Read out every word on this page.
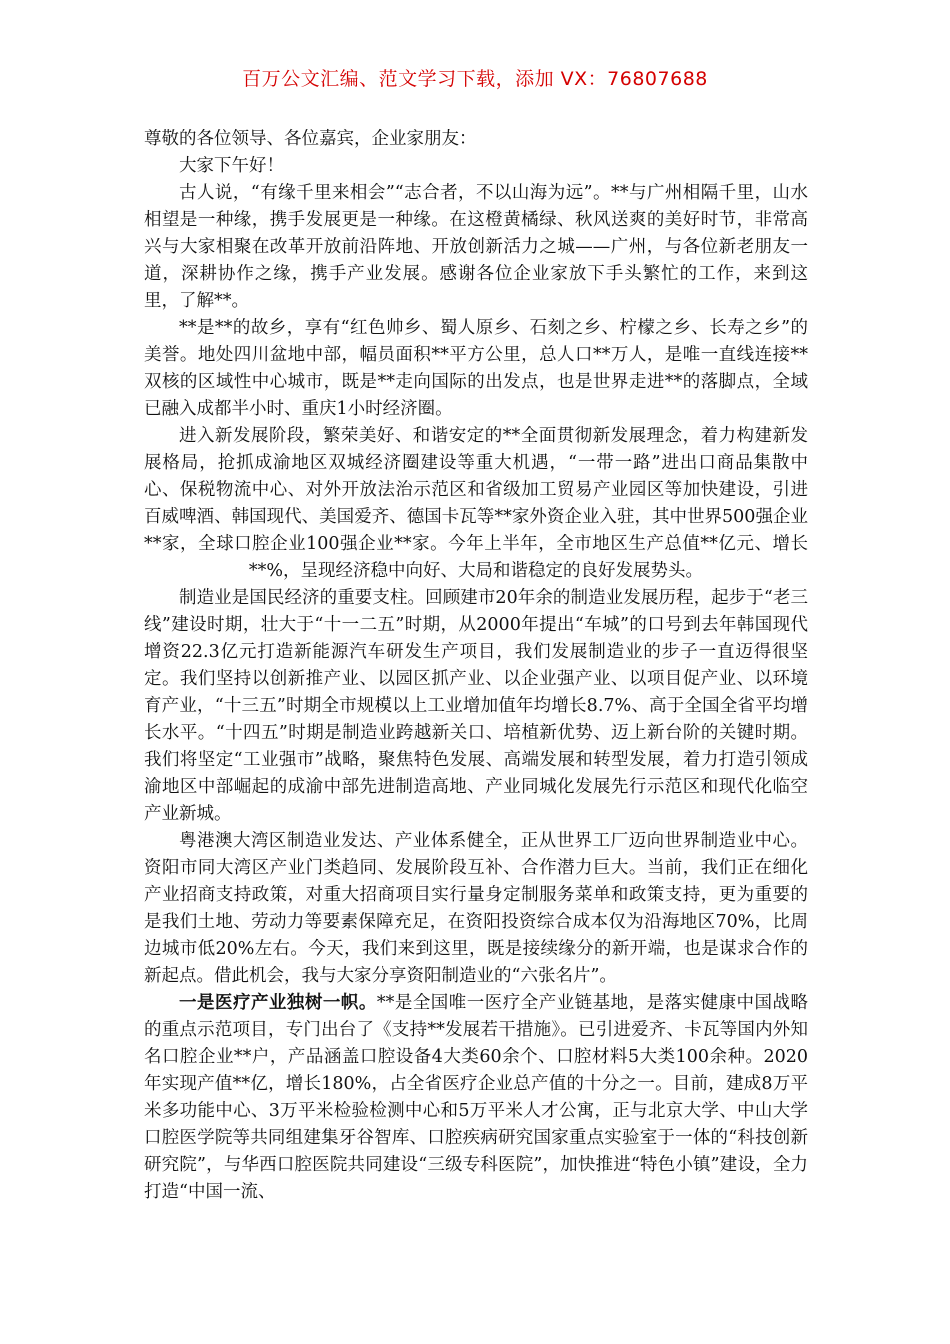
百万公文汇编、范文学习下载，添加 VX：76807688

尊敬的各位领导、各位嘉宾，企业家朋友：

大家下午好！

古人说，“有缘千里来相会”“志合者，不以山海为远”。**与广州相隔千里，山水相望是一种缘，携手发展更是一种缘。在这橙黄橘绿、秋风送爽的美好时节，非常高兴与大家相聚在改革开放前沿阵地、开放创新活力之城——广州，与各位新老朋友一道，深耕协作之缘，携手产业发展。感谢各位企业家放下手头繁忙的工作，来到这里，了解**。

**是**的故乡，享有“红色帅乡、蜀人原乡、石刻之乡、柠檬之乡、长寿之乡”的美誉。地处四川盆地中部，幅员面积**平方公里，总人口**万人，是唯一直线连接**双核的区域性中心城市，既是**走向国际的出发点，也是世界走进**的落脚点，全域已融入成都半小时、重庆1小时经济圈。

进入新发展阶段，繁荣美好、和谐安定的**全面贯彻新发展理念，着力构建新发展格局，抢抓成渝地区双城经济圈建设等重大机遇，“一带一路”进出口商品集散中心、保税物流中心、对外开放法治示范区和省级加工贸易产业园区等加快建设，引进百威啤酒、韩国现代、美国爱齐、德国卡瓦等**家外资企业入驻，其中世界500强企业**家，全球口腔企业100强企业**家。今年上半年，全市地区生产总值**亿元、增长**%，呈现经济稳中向好、大局和谐稳定的良好发展势头。

制造业是国民经济的重要支柱。回顾建市20年余的制造业发展历程，起步于“老三线”建设时期，壮大于“十一二五”时期，从2000年提出“车城”的口号到去年韩国现代增资22.3亿元打造新能源汽车研发生产项目，我们发展制造业的步子一直迈得很坚定。我们坚持以创新推产业、以园区抓产业、以企业强产业、以项目促产业、以环境育产业，“十三五”时期全市规模以上工业增加值年均增长8.7%、高于全国全省平均增长水平。“十四五”时期是制造业跨越新关口、培植新优势、迈上新台阶的关键时期。我们将坚定“工业强市”战略，聚焦特色发展、高端发展和转型发展，着力打造引领成渝地区中部崛起的成渝中部先进制造高地、产业同城化发展先行示范区和现代化临空产业新城。

粤港澳大湾区制造业发达、产业体系健全，正从世界工厂迈向世界制造业中心。资阳市同大湾区产业门类趋同、发展阶段互补、合作潜力巨大。当前，我们正在细化产业招商支持政策，对重大招商项目实行量身定制服务菜单和政策支持，更为重要的是我们土地、劳动力等要素保障充足，在资阳投资综合成本仅为沿海地区70%，比周边城市低20%左右。今天，我们来到这里，既是接续缘分的新开端，也是谋求合作的新起点。借此机会，我与大家分享资阳制造业的“六张名片”。

一是医疗产业独树一帜。**是全国唯一医疗全产业链基地，是落实健康中国战略的重点示范项目，专门出台了《支持**发展若干措施》。已引进爱齐、卡瓦等国内外知名口腔企业**户，产品涵盖口腔设备4大类60余个、口腔材料5大类100余种。2020年实现产值**亿，增长180%，占全省医疗企业总产值的十分之一。目前，建成8万平米多功能中心、3万平米检验检测中心和5万平米人才公寓，正与北京大学、中山大学口腔医学院等共同组建集牙谷智库、口腔疾病研究国家重点实验室于一体的“科技创新研究院”，与华西口腔医院共同建设“三级专科医院”，加快推进“特色小镇”建设，全力打造“中国一流、
